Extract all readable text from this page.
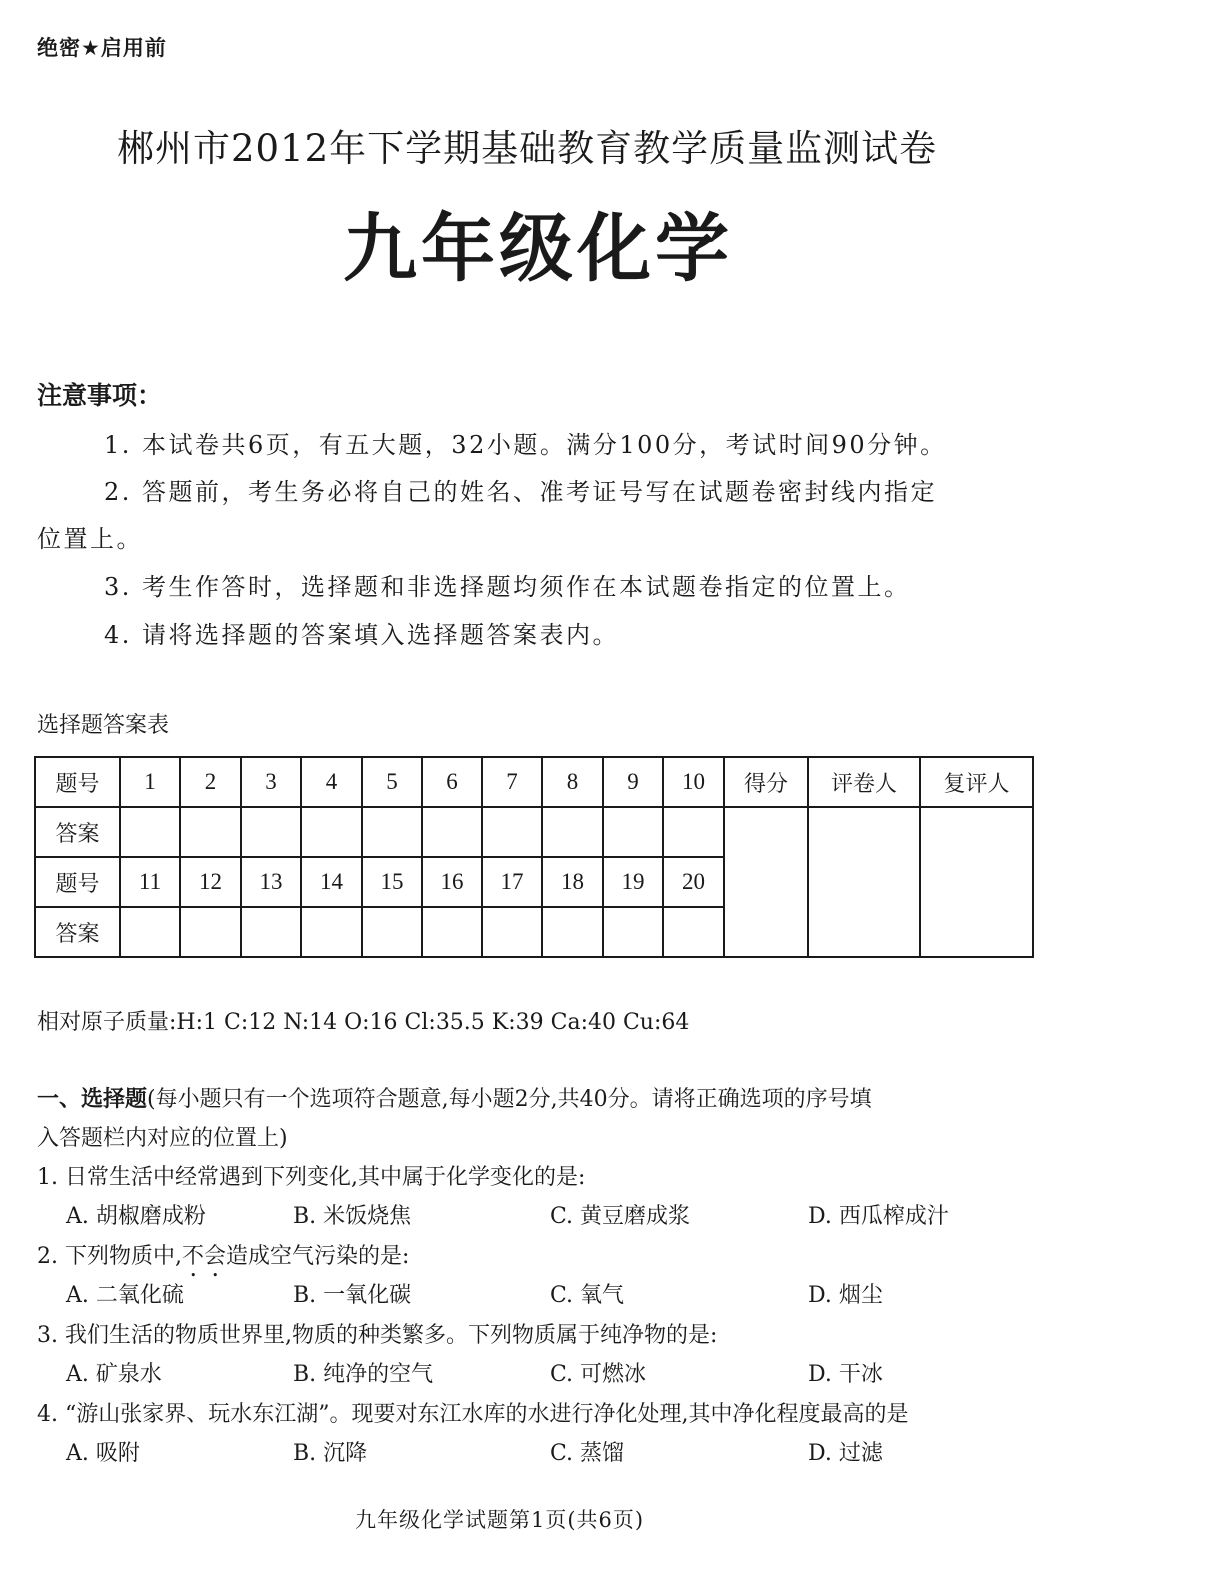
绝密★启用前
郴州市2012年下学期基础教育教学质量监测试卷
九年级化学
注意事项：
1. 本试卷共6页，有五大题，32小题。满分100分，考试时间90分钟。
2. 答题前，考生务必将自己的姓名、准考证号写在试题卷密封线内指定
位置上。
3. 考生作答时，选择题和非选择题均须作在本试题卷指定的位置上。
4. 请将选择题的答案填入选择题答案表内。
选择题答案表
题号	1	2	3	4	5	6	7	8	9	10	得分	评卷人	复评人
答案													
题号	11	12	13	14	15	16	17	18	19	20			
答案													
相对原子质量:H:1 C:12 N:14 O:16 Cl:35.5 K:39 Ca:40 Cu:64
一、选择题(每小题只有一个选项符合题意,每小题2分,共40分。请将正确选项的序号填
入答题栏内对应的位置上)
1. 日常生活中经常遇到下列变化,其中属于化学变化的是:
A. 胡椒磨成粉	B. 米饭烧焦	C. 黄豆磨成浆	D. 西瓜榨成汁
2. 下列物质中,不会造成空气污染的是:
A. 二氧化硫	B. 一氧化碳	C. 氧气	D. 烟尘
3. 我们生活的物质世界里,物质的种类繁多。下列物质属于纯净物的是:
A. 矿泉水	B. 纯净的空气	C. 可燃冰	D. 干冰
4. “游山张家界、玩水东江湖”。现要对东江水库的水进行净化处理,其中净化程度最高的是
A. 吸附	B. 沉降	C. 蒸馏	D. 过滤
九年级化学试题第1页(共6页)
